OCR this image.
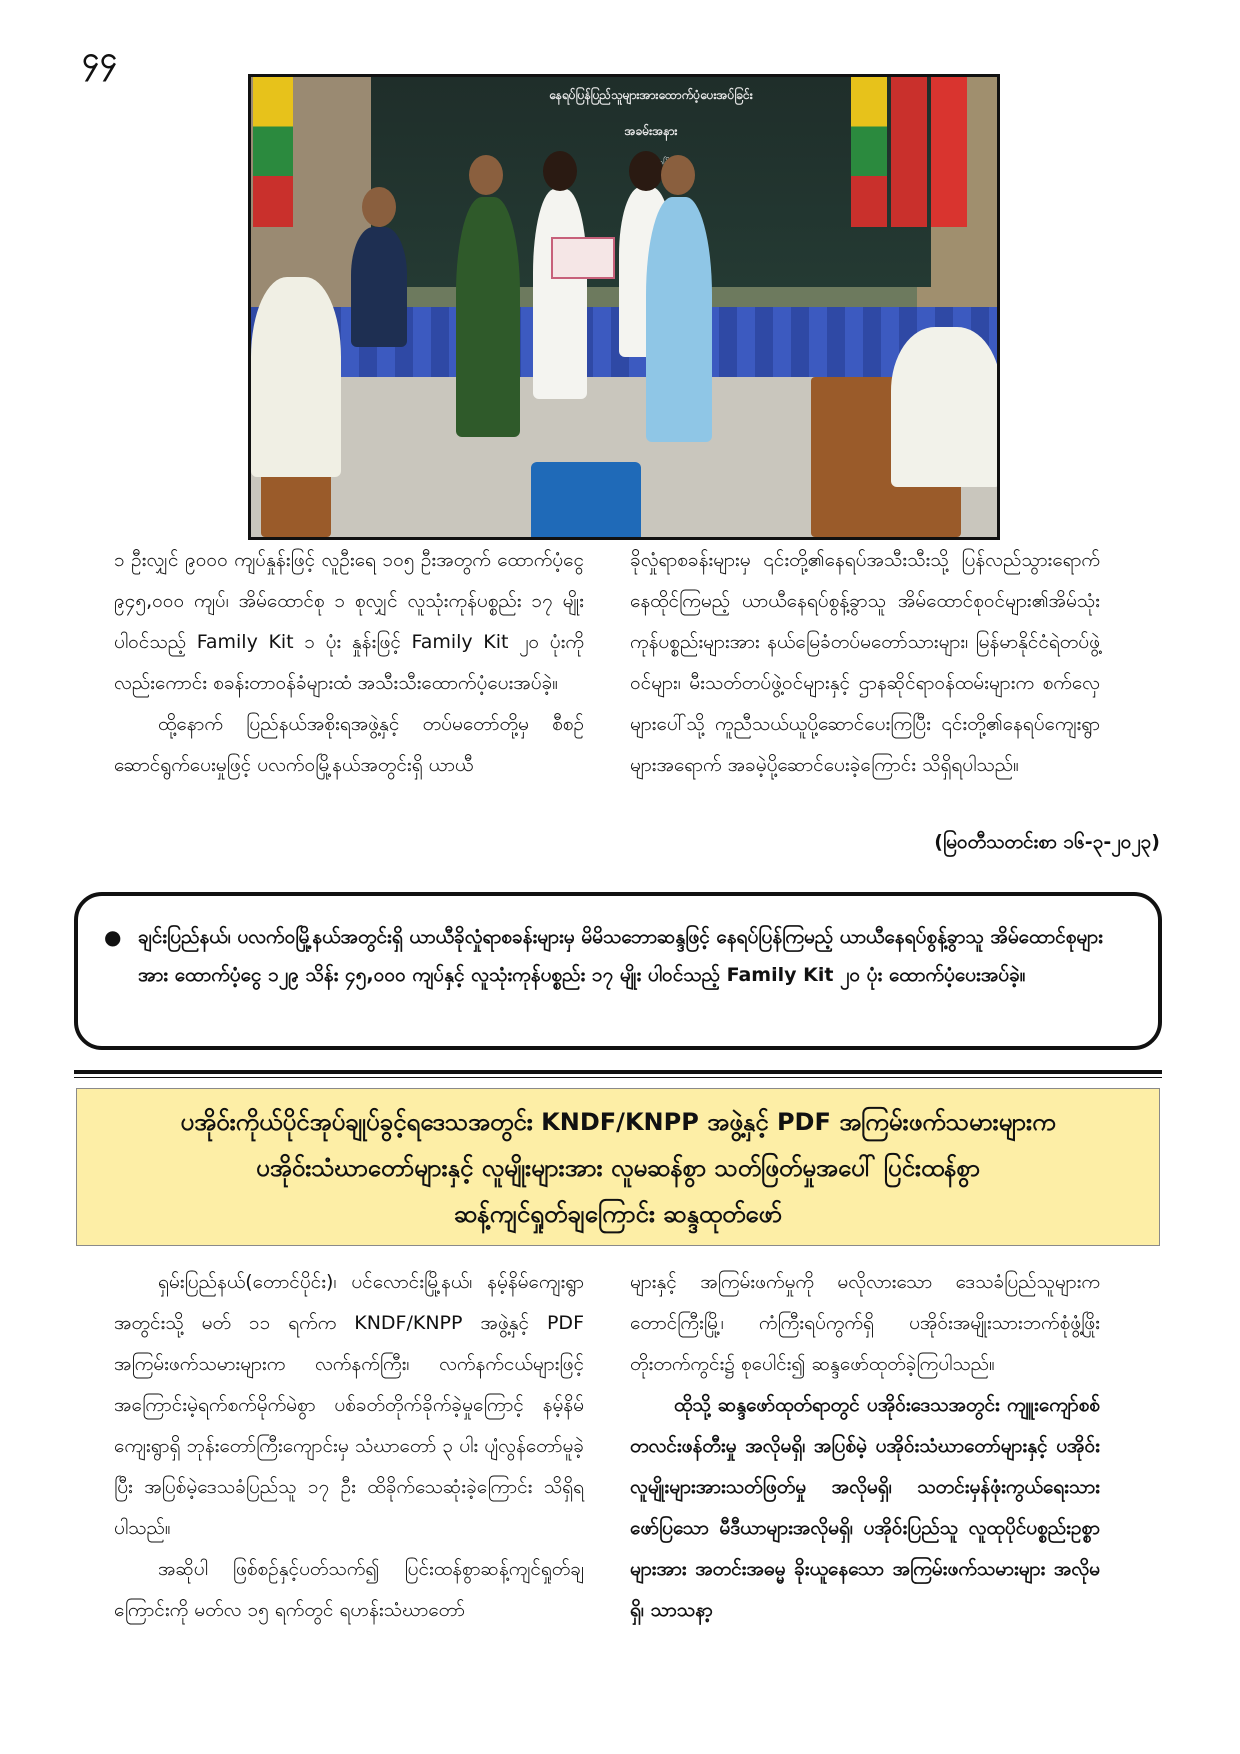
၄၄
နေရပ်ပြန်ပြည်သူများအားထောက်ပံ့ပေးအပ်ခြင်း
အခမ်းအနား

၁ ဦးလျှင် ၉၀၀၀ ကျပ်နှုန်းဖြင့် လူဦးရေ ၁၀၅ ဦးအတွက် ထောက်ပံ့ငွေ ၉၄၅,၀၀၀ ကျပ်၊ အိမ်ထောင်စု ၁ စုလျှင် လူသုံးကုန်ပစ္စည်း ၁၇ မျိုးပါဝင်သည့် Family Kit ၁ ပုံး နှုန်းဖြင့် Family Kit ၂၀ ပုံးကိုလည်းကောင်း စခန်းတာဝန်ခံများထံ အသီးသီးထောက်ပံ့ပေးအပ်ခဲ့။

ထို့နောက် ပြည်နယ်အစိုးရအဖွဲ့နှင့် တပ်မတော်တို့မှ စီစဉ်ဆောင်ရွက်ပေးမှုဖြင့် ပလက်ဝမြို့နယ်အတွင်းရှိ ယာယီ

ခိုလှုံရာစခန်းများမှ ၎င်းတို့၏နေရပ်အသီးသီးသို့ ပြန်လည်သွားရောက်နေထိုင်ကြမည့် ယာယီနေရပ်စွန့်ခွာသူ အိမ်ထောင်စုဝင်များ၏အိမ်သုံးကုန်ပစ္စည်းများအား နယ်မြေခံတပ်မတော်သားများ၊ မြန်မာနိုင်ငံရဲတပ်ဖွဲ့ဝင်များ၊ မီးသတ်တပ်ဖွဲ့ဝင်များနှင့် ဌာနဆိုင်ရာဝန်ထမ်းများက စက်လှေများပေါ်သို့ ကူညီသယ်ယူပို့ဆောင်ပေးကြပြီး ၎င်းတို့၏နေရပ်ကျေးရွာများအရောက် အခမဲ့ပို့ဆောင်ပေးခဲ့ကြောင်း သိရှိရပါသည်။

(မြဝတီသတင်းစာ ၁၆-၃-၂၀၂၃)
● ချင်းပြည်နယ်၊ ပလက်ဝမြို့နယ်အတွင်းရှိ ယာယီခိုလှုံရာစခန်းများမှ မိမိသဘောဆန္ဒဖြင့် နေရပ်ပြန်ကြမည့် ယာယီနေရပ်စွန့်ခွာသူ အိမ်ထောင်စုများအား ထောက်ပံ့ငွေ ၁၂၉ သိန်း ၄၅,၀၀၀ ကျပ်နှင့် လူသုံးကုန်ပစ္စည်း ၁၇ မျိုး ပါဝင်သည့် Family Kit ၂၀ ပုံး ထောက်ပံ့ပေးအပ်ခဲ့။
ပအိုဝ်းကိုယ်ပိုင်အုပ်ချုပ်ခွင့်ရဒေသအတွင်း KNDF/KNPP အဖွဲ့နှင့် PDF အကြမ်းဖက်သမားများက
ပအိုဝ်းသံဃာတော်များနှင့် လူမျိုးများအား လူမဆန်စွာ သတ်ဖြတ်မှုအပေါ် ပြင်းထန်စွာ
ဆန့်ကျင်ရှုတ်ချကြောင်း ဆန္ဒထုတ်ဖော်

ရှမ်းပြည်နယ်(တောင်ပိုင်း)၊ ပင်လောင်းမြို့နယ်၊ နမ့်နိမ်ကျေးရွာအတွင်းသို့ မတ် ၁၁ ရက်က KNDF/KNPP အဖွဲ့နှင့် PDF အကြမ်းဖက်သမားများက လက်နက်ကြီး၊ လက်နက်ငယ်များဖြင့် အကြောင်းမဲ့ရက်စက်မိုက်မဲစွာ ပစ်ခတ်တိုက်ခိုက်ခဲ့မှုကြောင့် နမ့်နိမ်ကျေးရွာရှိ ဘုန်းတော်ကြီးကျောင်းမှ သံဃာတော် ၃ ပါး ပျံလွန်တော်မူခဲ့ပြီး အပြစ်မဲ့ဒေသခံပြည်သူ ၁၇ ဦး ထိခိုက်သေဆုံးခဲ့ကြောင်း သိရှိရပါသည်။

အဆိုပါ ဖြစ်စဉ်နှင့်ပတ်သက်၍ ပြင်းထန်စွာဆန့်ကျင်ရှုတ်ချကြောင်းကို မတ်လ ၁၅ ရက်တွင် ရဟန်းသံဃာတော်

များနှင့် အကြမ်းဖက်မှုကို မလိုလားသော ဒေသခံပြည်သူများက တောင်ကြီးမြို့၊ ကံကြီးရပ်ကွက်ရှိ ပအိုဝ်းအမျိုးသားဘက်စုံဖွံ့ဖြိုးတိုးတက်ကွင်း၌ စုပေါင်း၍ ဆန္ဒဖော်ထုတ်ခဲ့ကြပါသည်။

ထိုသို့ ဆန္ဒဖော်ထုတ်ရာတွင် ပအိုဝ်းဒေသအတွင်း ကျူးကျော်စစ်တလင်းဖန်တီးမှု အလိုမရှိ၊ အပြစ်မဲ့ ပအိုဝ်းသံဃာတော်များနှင့် ပအိုဝ်းလူမျိုးများအားသတ်ဖြတ်မှု အလိုမရှိ၊ သတင်းမှန်ဖုံးကွယ်ရေးသားဖော်ပြသော မီဒီယာများအလိုမရှိ၊ ပအိုဝ်းပြည်သူ လူထုပိုင်ပစ္စည်းဥစ္စာများအား အတင်းအဓမ္မ ခိုးယူနေသော အကြမ်းဖက်သမားများ အလိုမရှိ၊ သာသနာ့
